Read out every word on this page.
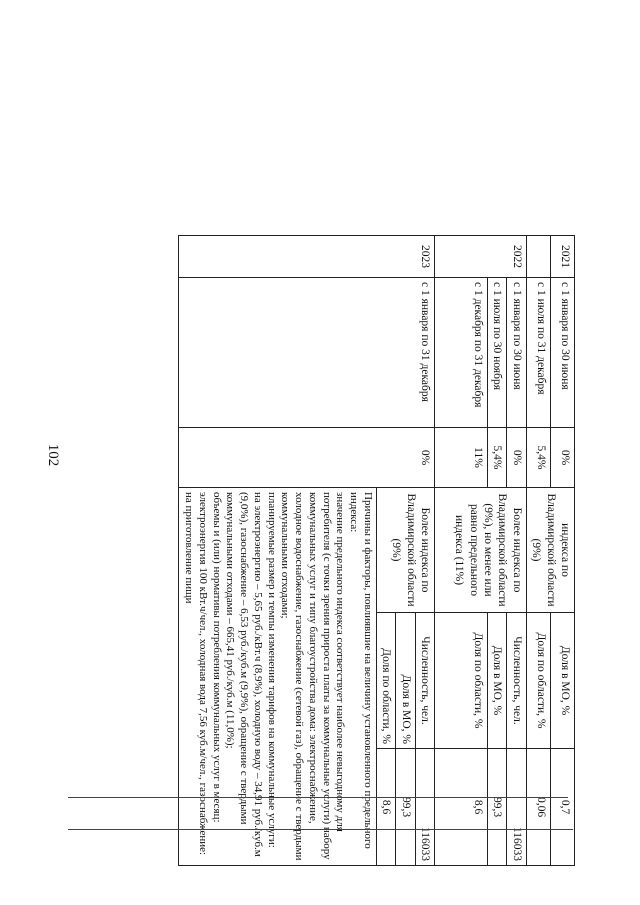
102
2021	с 1 января по 30 июня	0%	индекса по Владимирской области (9%)	Доля в МО, %	0,7
	с 1 июля по 31 декабря	5,4%		Доля по области, %	0,06
2022	с 1 января по 30 июня	0%	Более индекса по Владимирской области (9%), но менее или равно предельного индекса (11%)	Численность, чел.	116033
	с 1 июля по 30 ноября	5,4%		Доля в МО, %	99,3
	с 1 декабря по 31 декабря	11%		Доля по области, %	8,6
2023	с 1 января по 31 декабря	0%	Более индекса по Владимирской области (9%)	Численность, чел.	116033
				Доля в МО, %	99,3
				Доля по области, %	8,6

			Причины и факторы, повлиявшие на величину установленного предельного индекса:

значение предельного индекса соответствует наиболее невыгодному для потребителя (с точки зрения прироста платы за коммунальные услуги) набору коммунальных услуг и типу благоустройства дома: электроснабжение, холодное водоснабжение, газоснабжение (сетевой газ), обращение с твердыми коммунальными отходами;

планируемые размер и темпы изменения тарифов на коммунальные услуги: на электроэнергию – 5,65 руб./кВт.ч (8,9%), холодную воду – 34,91 руб./куб.м (9,0%), газоснабжение – 6,53 руб./куб.м (9,9%), обращение с твердыми коммунальными отходами – 665,41 руб./куб.м (11,0%);

объемы и (или) нормативы потребления коммунальных услуг в месяц: электроэнергия 100 кВт.ч/чел., холодная вода 7,56 куб.м/чел., газоснабжение: на приготовление пищи		
